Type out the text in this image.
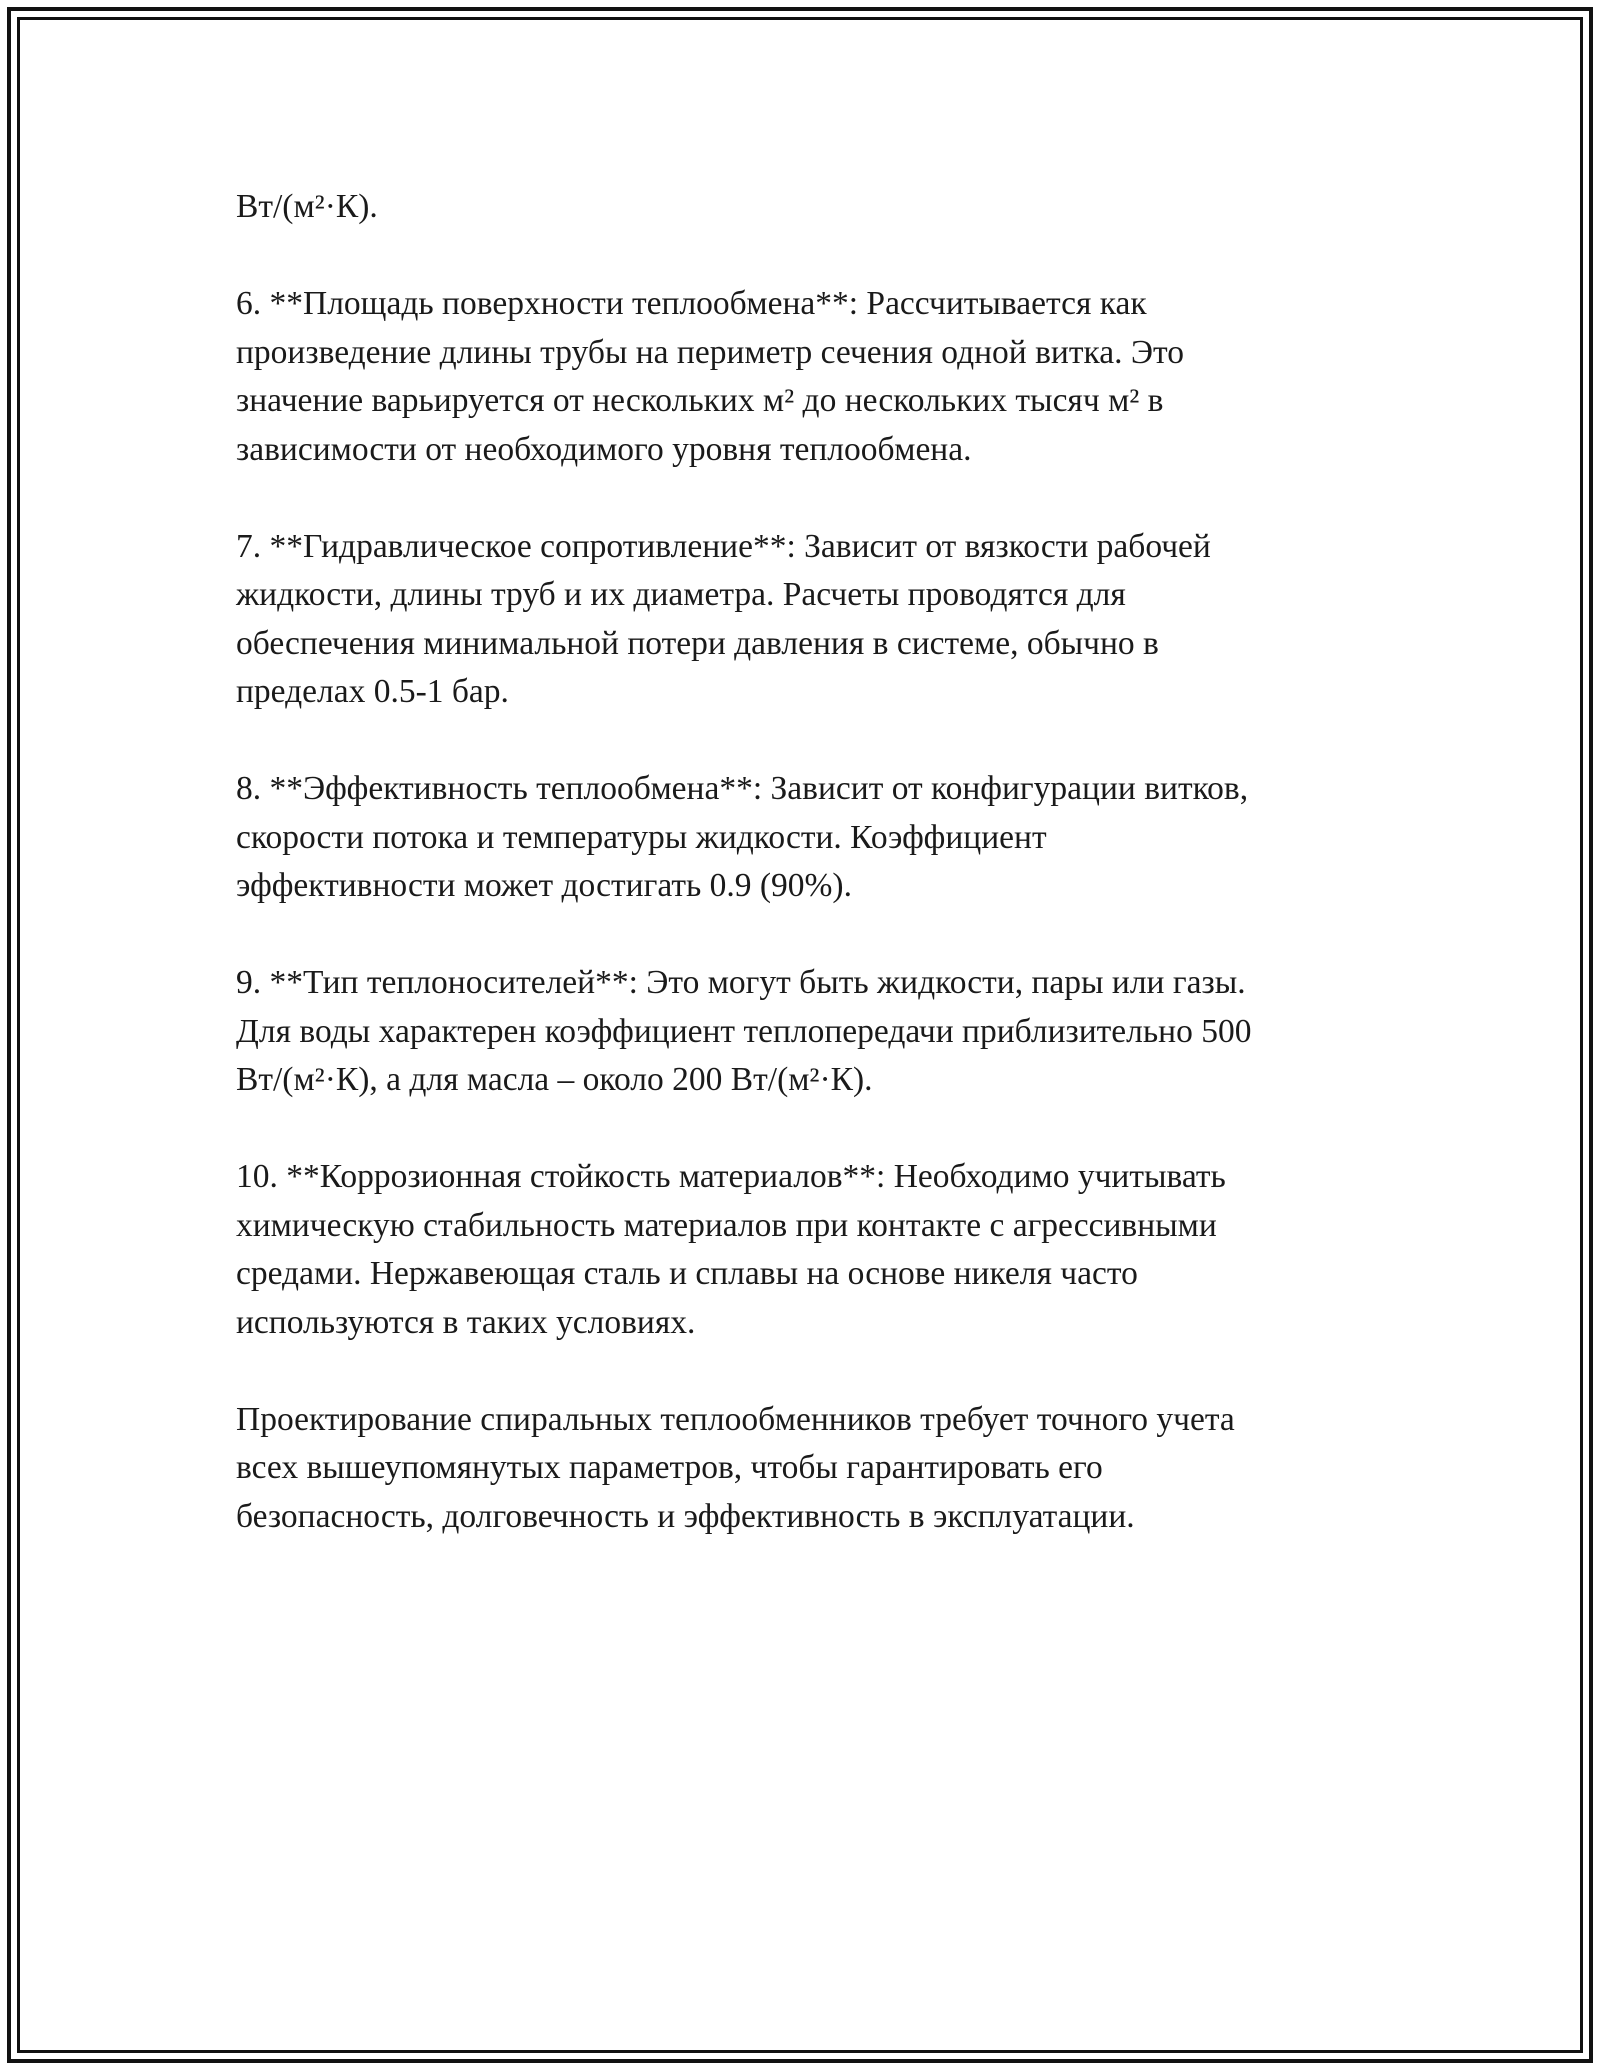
Вт/(м²·К).

6. **Площадь поверхности теплообмена**: Рассчитывается как
произведение длины трубы на периметр сечения одной витка. Это
значение варьируется от нескольких м² до нескольких тысяч м² в
зависимости от необходимого уровня теплообмена.

7. **Гидравлическое сопротивление**: Зависит от вязкости рабочей
жидкости, длины труб и их диаметра. Расчеты проводятся для
обеспечения минимальной потери давления в системе, обычно в
пределах 0.5-1 бар.

8. **Эффективность теплообмена**: Зависит от конфигурации витков,
скорости потока и температуры жидкости. Коэффициент
эффективности может достигать 0.9 (90%).

9. **Тип теплоносителей**: Это могут быть жидкости, пары или газы.
Для воды характерен коэффициент теплопередачи приблизительно 500
Вт/(м²·К), а для масла – около 200 Вт/(м²·К).

10. **Коррозионная стойкость материалов**: Необходимо учитывать
химическую стабильность материалов при контакте с агрессивными
средами. Нержавеющая сталь и сплавы на основе никеля часто
используются в таких условиях.

Проектирование спиральных теплообменников требует точного учета
всех вышеупомянутых параметров, чтобы гарантировать его
безопасность, долговечность и эффективность в эксплуатации.
